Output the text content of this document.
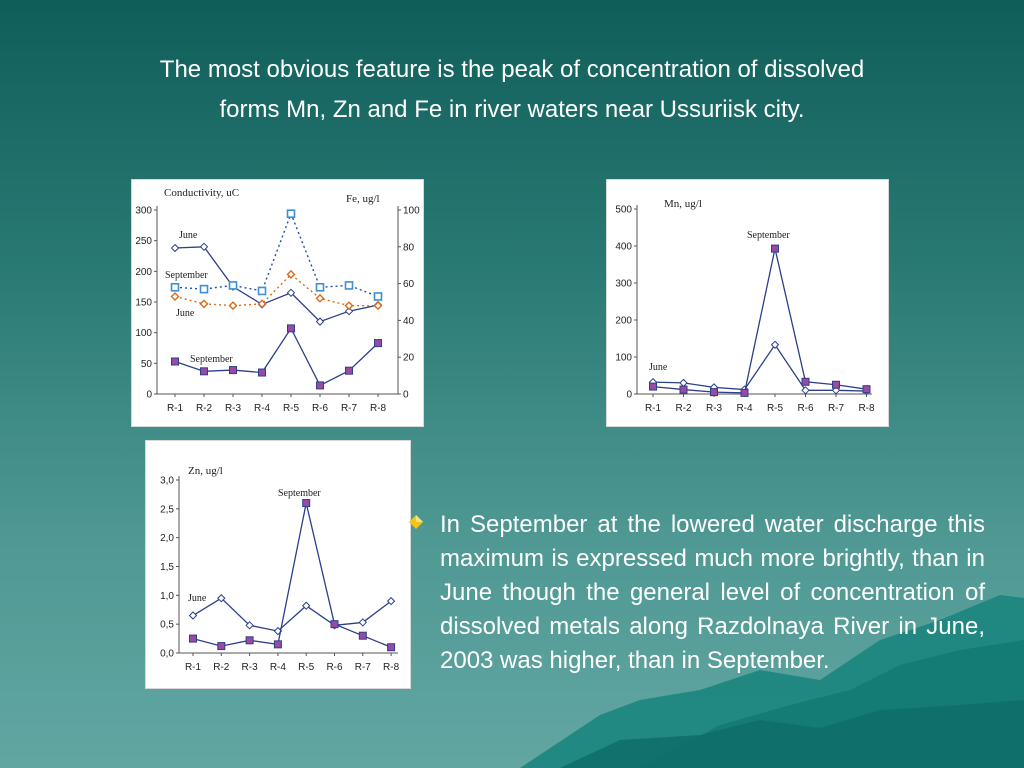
The most obvious feature is the peak of concentration of dissolved
forms Mn, Zn and Fe in river waters near Ussuriisk city.
300
250
200
150
100
50
0
100
80
60
40
20
0
R-1 R-2 R-3 R-4 R-5 R-6 R-7 R-8
Conductivity, uC	Fe, ug/l
June
September
June
September
500
400
300
200
100
0
R-1 R-2 R-3 R-4 R-5 R-6 R-7 R-8
Mn, ug/l
September
June
3,0
2,5
2,0
1,5
1,0
0,5
0,0
R-1 R-2 R-3 R-4 R-5 R-6 R-7 R-8
Zn, ug/l
September
June

In September at the lowered water discharge this maximum is expressed much more brightly, than in June though the general level of concentration of dissolved metals along Razdolnaya River in June, 2003 was higher, than in September.
